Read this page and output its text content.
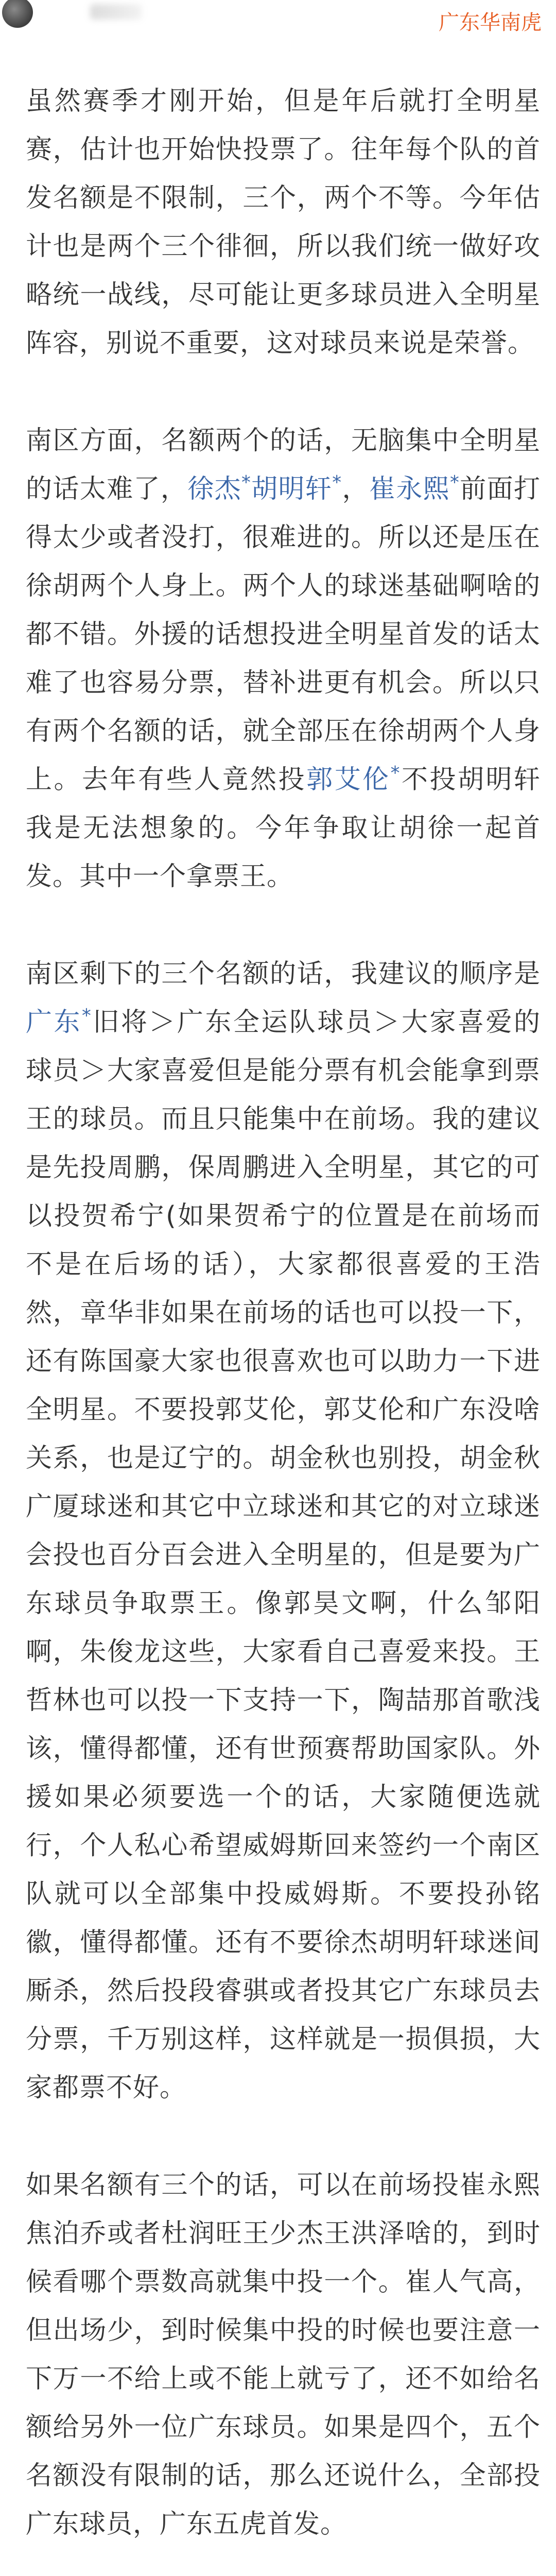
广东华南虎

虽然赛季才刚开始，但是年后就打全明星赛，估计也开始快投票了。往年每个队的首发名额是不限制，三个，两个不等。今年估计也是两个三个徘徊，所以我们统一做好攻略统一战线，尽可能让更多球员进入全明星阵容，别说不重要，这对球员来说是荣誉。

南区方面，名额两个的话，无脑集中全明星的话太难了，徐杰*胡明轩*，崔永熙*前面打得太少或者没打，很难进的。所以还是压在徐胡两个人身上。两个人的球迷基础啊啥的都不错。外援的话想投进全明星首发的话太难了也容易分票，替补进更有机会。所以只有两个名额的话，就全部压在徐胡两个人身上。去年有些人竟然投郭艾伦*不投胡明轩我是无法想象的。今年争取让胡徐一起首发。其中一个拿票王。

南区剩下的三个名额的话，我建议的顺序是广东*旧将＞广东全运队球员＞大家喜爱的球员＞大家喜爱但是能分票有机会能拿到票王的球员。而且只能集中在前场。我的建议是先投周鹏，保周鹏进入全明星，其它的可以投贺希宁(如果贺希宁的位置是在前场而不是在后场的话），大家都很喜爱的王浩然，章华非如果在前场的话也可以投一下，还有陈国豪大家也很喜欢也可以助力一下进全明星。不要投郭艾伦，郭艾伦和广东没啥关系，也是辽宁的。胡金秋也别投，胡金秋广厦球迷和其它中立球迷和其它的对立球迷会投也百分百会进入全明星的，但是要为广东球员争取票王。像郭昊文啊，什么邹阳啊，朱俊龙这些，大家看自己喜爱来投。王哲林也可以投一下支持一下，陶喆那首歌浅该，懂得都懂，还有世预赛帮助国家队。外援如果必须要选一个的话，大家随便选就行，个人私心希望威姆斯回来签约一个南区队就可以全部集中投威姆斯。不要投孙铭徽，懂得都懂。还有不要徐杰胡明轩球迷间厮杀，然后投段睿骐或者投其它广东球员去分票，千万别这样，这样就是一损俱损，大家都票不好。

如果名额有三个的话，可以在前场投崔永熙焦泊乔或者杜润旺王少杰王洪泽啥的，到时候看哪个票数高就集中投一个。崔人气高，但出场少，到时候集中投的时候也要注意一下万一不给上或不能上就亏了，还不如给名额给另外一位广东球员。如果是四个，五个名额没有限制的话，那么还说什么，全部投广东球员，广东五虎首发。
